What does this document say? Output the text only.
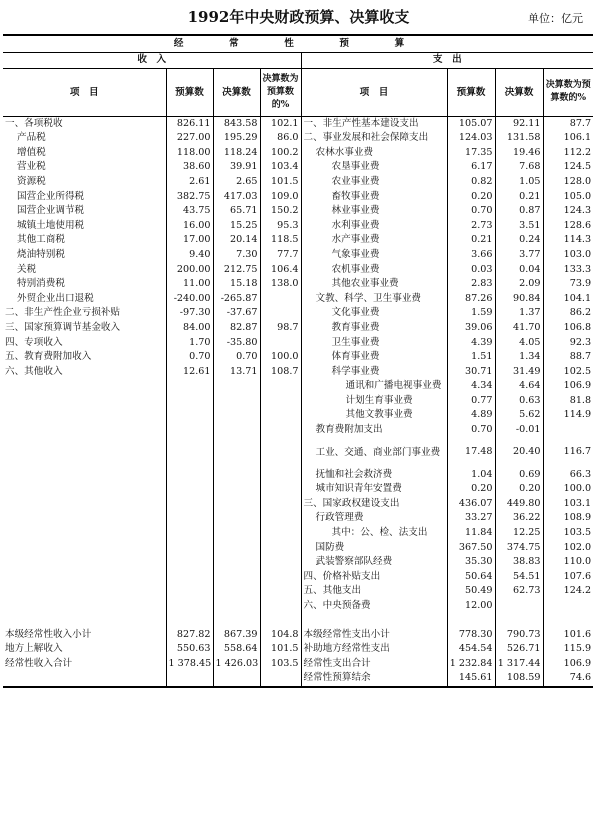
1992年中央财政预算、决算收支	单位：亿元
经　常　性　预　算							
收　入				支　出			
项　目	预算数	决算数	决算数为预算数的%	项　目	预算数	决算数	决算数为预算数的%
一、各项税收	826.11	843.58	102.1	一、非生产性基本建设支出	105.07	92.11	87.7
产品税	227.00	195.29	86.0	二、事业发展和社会保障支出	124.03	131.58	106.1
增值税	118.00	118.24	100.2	农林水事业费	17.35	19.46	112.2
营业税	38.60	39.91	103.4	农垦事业费	6.17	7.68	124.5
资源税	2.61	2.65	101.5	农业事业费	0.82	1.05	128.0
国营企业所得税	382.75	417.03	109.0	畜牧事业费	0.20	0.21	105.0
国营企业调节税	43.75	65.71	150.2	林业事业费	0.70	0.87	124.3
城镇土地使用税	16.00	15.25	95.3	水利事业费	2.73	3.51	128.6
其他工商税	17.00	20.14	118.5	水产事业费	0.21	0.24	114.3
烧油特别税	9.40	7.30	77.7	气象事业费	3.66	3.77	103.0
关税	200.00	212.75	106.4	农机事业费	0.03	0.04	133.3
特别消费税	11.00	15.18	138.0	其他农业事业费	2.83	2.09	73.9
外贸企业出口退税	-240.00	-265.87		文教、科学、卫生事业费	87.26	90.84	104.1
二、非生产性企业亏损补贴	-97.30	-37.67		文化事业费	1.59	1.37	86.2
三、国家预算调节基金收入	84.00	82.87	98.7	教育事业费	39.06	41.70	106.8
四、专项收入	1.70	-35.80		卫生事业费	4.39	4.05	92.3
五、教育费附加收入	0.70	0.70	100.0	体育事业费	1.51	1.34	88.7
六、其他收入	12.61	13.71	108.7	科学事业费	30.71	31.49	102.5
				通讯和广播电视事业费	4.34	4.64	106.9
				计划生育事业费	0.77	0.63	81.8
				其他文教事业费	4.89	5.62	114.9
				教育费附加支出	0.70	-0.01	
				工业、交通、商业部门事业费	17.48	20.40	116.7
				抚恤和社会救济费	1.04	0.69	66.3
				城市知识青年安置费	0.20	0.20	100.0
				三、国家政权建设支出	436.07	449.80	103.1
				行政管理费	33.27	36.22	108.9
				其中：公、检、法支出	11.84	12.25	103.5
				国防费	367.50	374.75	102.0
				武装警察部队经费	35.30	38.83	110.0
				四、价格补贴支出	50.64	54.51	107.6
				五、其他支出	50.49	62.73	124.2
				六、中央预备费	12.00		

本级经常性收入小计	827.82	867.39	104.8	本级经常性支出小计	778.30	790.73	101.6
地方上解收入	550.63	558.64	101.5	补助地方经常性支出	454.54	526.71	115.9
经常性收入合计	1 378.45	1 426.03	103.5	经常性支出合计	1 232.84	1 317.44	106.9
				经常性预算结余	145.61	108.59	74.6
